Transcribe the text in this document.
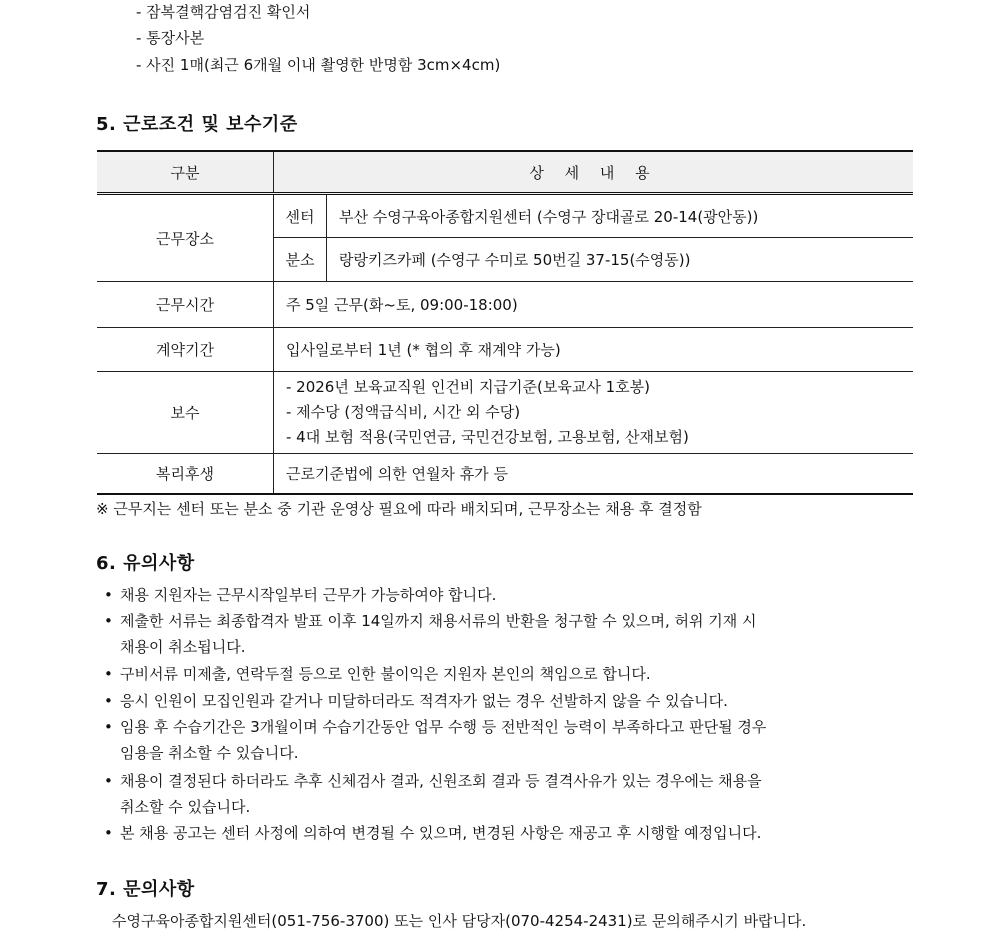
- 잠복결핵감염검진 확인서
- 통장사본
- 사진 1매(최근 6개월 이내 촬영한 반명함 3cm×4cm)
5. 근로조건 및 보수기준
구분	상 세 내 용	
근무장소	센터	부산 수영구육아종합지원센터 (수영구 장대골로 20-14(광안동))
	분소	랑랑키즈카페 (수영구 수미로 50번길 37-15(수영동))
근무시간	주 5일 근무(화~토, 09:00-18:00)	
계약기간	입사일로부터 1년 (* 협의 후 재계약 가능)	
보수	- 2026년 보육교직원 인건비 지급기준(보육교사 1호봉)
- 제수당 (정액급식비, 시간 외 수당)
- 4대 보험 적용(국민연금, 국민건강보험, 고용보험, 산재보험)	

복리후생	근로기준법에 의한 연월차 휴가 등	
※ 근무지는 센터 또는 분소 중 기관 운영상 필요에 따라 배치되며, 근무장소는 채용 후 결정함
6. 유의사항
• 채용 지원자는 근무시작일부터 근무가 가능하여야 합니다.
• 제출한 서류는 최종합격자 발표 이후 14일까지 채용서류의 반환을 청구할 수 있으며, 허위 기재 시
채용이 취소됩니다.
• 구비서류 미제출, 연락두절 등으로 인한 불이익은 지원자 본인의 책임으로 합니다.
• 응시 인원이 모집인원과 같거나 미달하더라도 적격자가 없는 경우 선발하지 않을 수 있습니다.
• 임용 후 수습기간은 3개월이며 수습기간동안 업무 수행 등 전반적인 능력이 부족하다고 판단될 경우
임용을 취소할 수 있습니다.
• 채용이 결정된다 하더라도 추후 신체검사 결과, 신원조회 결과 등 결격사유가 있는 경우에는 채용을
취소할 수 있습니다.
• 본 채용 공고는 센터 사정에 의하여 변경될 수 있으며, 변경된 사항은 재공고 후 시행할 예정입니다.
7. 문의사항
수영구육아종합지원센터(051-756-3700) 또는 인사 담당자(070-4254-2431)로 문의해주시기 바랍니다.
